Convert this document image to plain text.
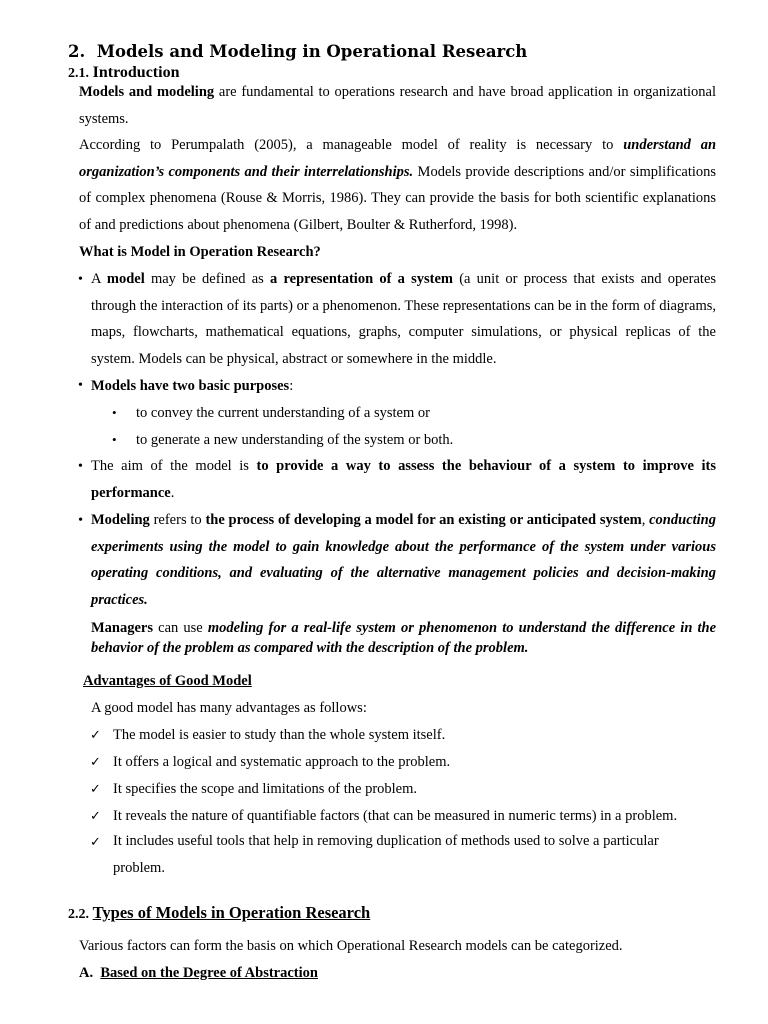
2. Models and Modeling in Operational Research
2.1. Introduction
Models and modeling are fundamental to operations research and have broad application in organizational systems.
According to Perumpalath (2005), a manageable model of reality is necessary to understand an organization’s components and their interrelationships. Models provide descriptions and/or simplifications of complex phenomena (Rouse & Morris, 1986). They can provide the basis for both scientific explanations of and predictions about phenomena (Gilbert, Boulter & Rutherford, 1998).
What is Model in Operation Research?
• A model may be defined as a representation of a system (a unit or process that exists and operates through the interaction of its parts) or a phenomenon. These representations can be in the form of diagrams, maps, flowcharts, mathematical equations, graphs, computer simulations, or physical replicas of the system. Models can be physical, abstract or somewhere in the middle.
• Models have two basic purposes:
• to convey the current understanding of a system or
• to generate a new understanding of the system or both.
• The aim of the model is to provide a way to assess the behaviour of a system to improve its performance.
• Modeling refers to the process of developing a model for an existing or anticipated system, conducting experiments using the model to gain knowledge about the performance of the system under various operating conditions, and evaluating of the alternative management policies and decision-making practices.
Managers can use modeling for a real-life system or phenomenon to understand the difference in the behavior of the problem as compared with the description of the problem.
Advantages of Good Model
A good model has many advantages as follows:
✓ The model is easier to study than the whole system itself.
✓ It offers a logical and systematic approach to the problem.
✓ It specifies the scope and limitations of the problem.
✓ It reveals the nature of quantifiable factors (that can be measured in numeric terms) in a problem.
✓ It includes useful tools that help in removing duplication of methods used to solve a particular problem.
2.2. Types of Models in Operation Research
Various factors can form the basis on which Operational Research models can be categorized.
A. Based on the Degree of Abstraction
